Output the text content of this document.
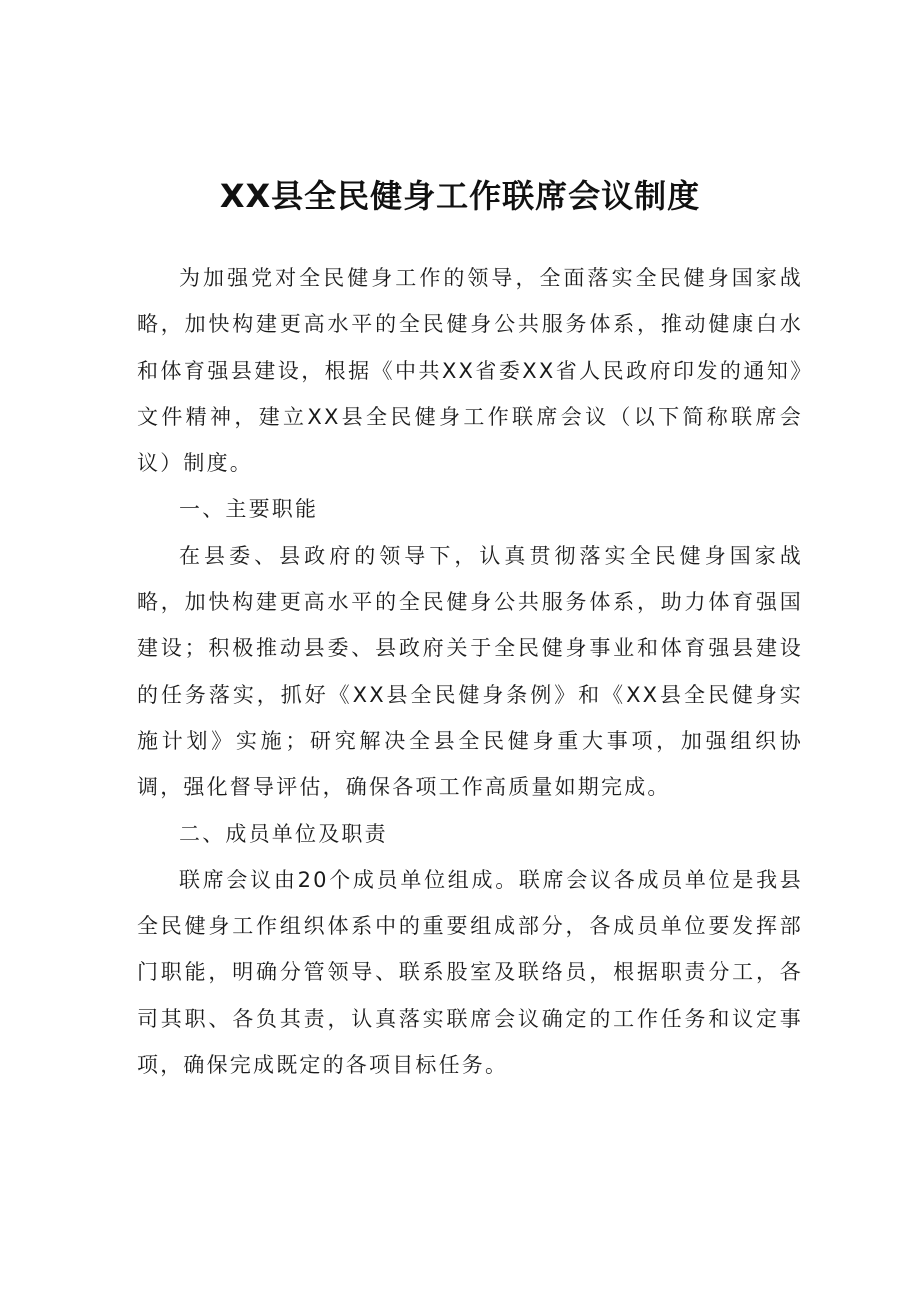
XX县全民健身工作联席会议制度

为加强党对全民健身工作的领导，全面落实全民健身国家战略，加快构建更高水平的全民健身公共服务体系，推动健康白水和体育强县建设，根据《中共XX省委XX省人民政府印发的通知》文件精神，建立XX县全民健身工作联席会议（以下简称联席会议）制度。

一、主要职能

在县委、县政府的领导下，认真贯彻落实全民健身国家战略，加快构建更高水平的全民健身公共服务体系，助力体育强国建设；积极推动县委、县政府关于全民健身事业和体育强县建设的任务落实，抓好《XX县全民健身条例》和《XX县全民健身实施计划》实施；研究解决全县全民健身重大事项，加强组织协调，强化督导评估，确保各项工作高质量如期完成。

二、成员单位及职责

联席会议由20个成员单位组成。联席会议各成员单位是我县全民健身工作组织体系中的重要组成部分，各成员单位要发挥部门职能，明确分管领导、联系股室及联络员，根据职责分工，各司其职、各负其责，认真落实联席会议确定的工作任务和议定事项，确保完成既定的各项目标任务。
